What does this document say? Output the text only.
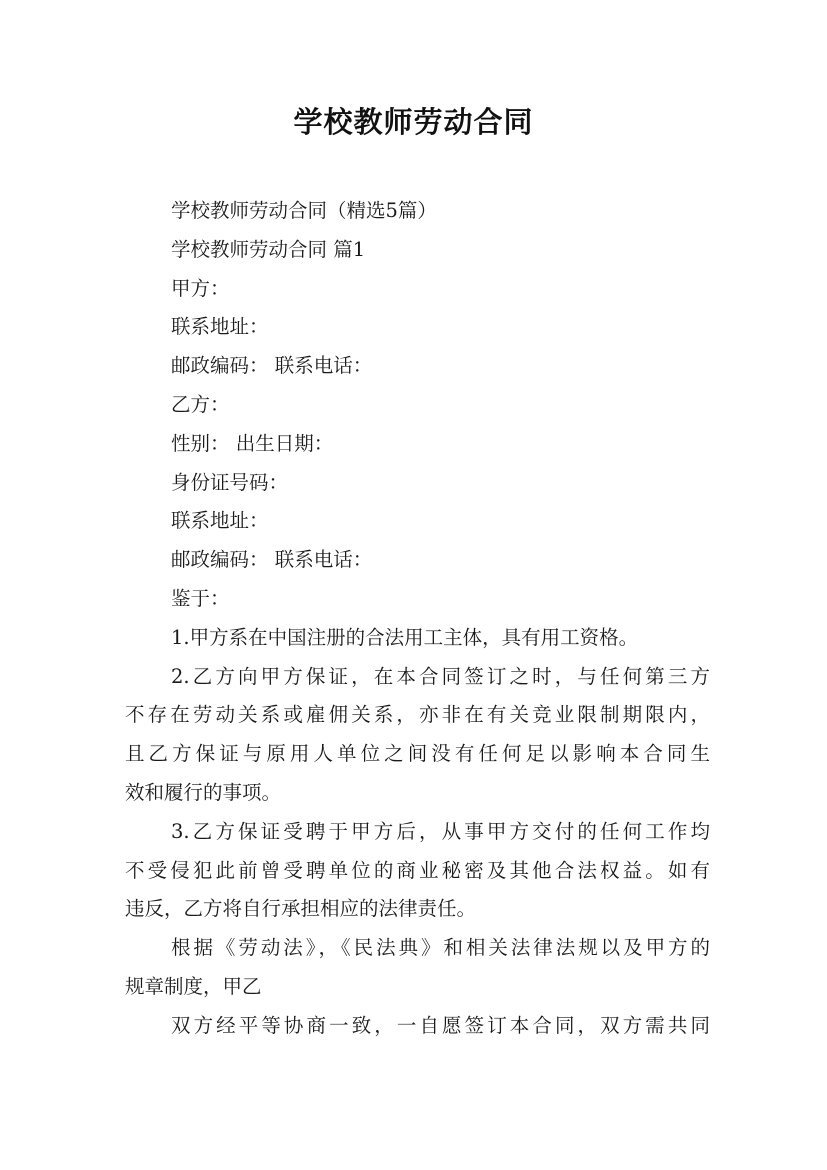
学校教师劳动合同
学校教师劳动合同（精选5篇）
学校教师劳动合同 篇1
甲方：
联系地址：
邮政编码： 联系电话：
乙方：
性别： 出生日期：
身份证号码：
联系地址：
邮政编码： 联系电话：
鉴于：
1.甲方系在中国注册的合法用工主体，具有用工资格。
2.乙方向甲方保证，在本合同签订之时，与任何第三方
不存在劳动关系或雇佣关系，亦非在有关竞业限制期限内，
且乙方保证与原用人单位之间没有任何足以影响本合同生
效和履行的事项。
3.乙方保证受聘于甲方后，从事甲方交付的任何工作均
不受侵犯此前曾受聘单位的商业秘密及其他合法权益。如有
违反，乙方将自行承担相应的法律责任。
根据《劳动法》，《民法典》和相关法律法规以及甲方的
规章制度，甲乙
双方经平等协商一致，一自愿签订本合同，双方需共同
